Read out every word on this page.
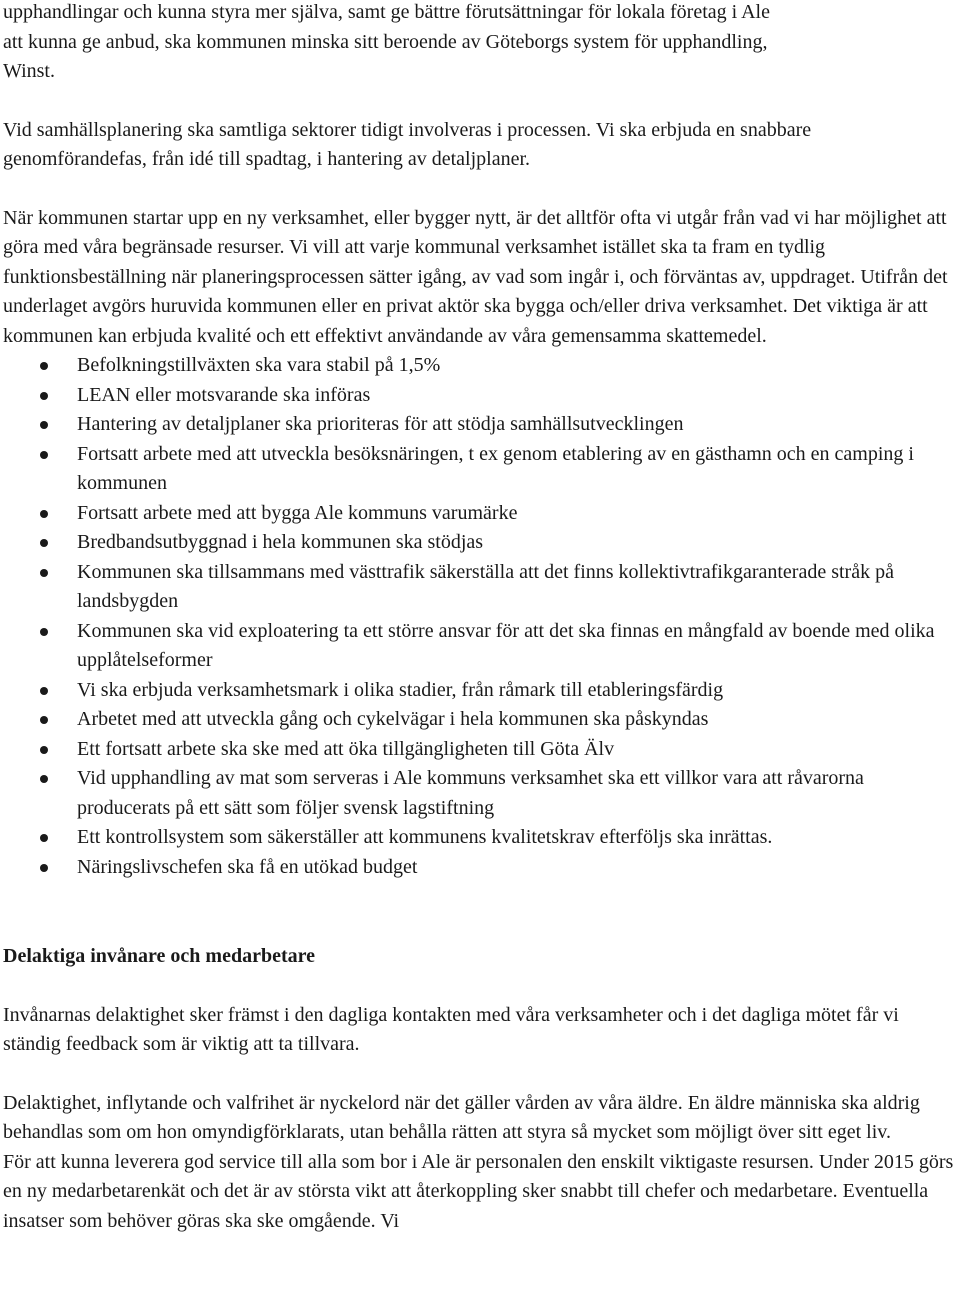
upphandlingar och kunna styra mer själva, samt ge bättre förutsättningar för lokala företag i Ale

att kunna ge anbud, ska kommunen minska sitt beroende av Göteborgs system för upphandling,

Winst.

Vid samhällsplanering ska samtliga sektorer tidigt involveras i processen. Vi ska erbjuda en snabbare genomförandefas, från idé till spadtag, i hantering av detaljplaner.

När kommunen startar upp en ny verksamhet, eller bygger nytt, är det alltför ofta vi utgår från vad vi har möjlighet att göra med våra begränsade resurser. Vi vill att varje kommunal verksamhet istället ska ta fram en tydlig funktionsbeställning när planeringsprocessen sätter igång, av vad som ingår i, och förväntas av, uppdraget. Utifrån det underlaget avgörs huruvida kommunen eller en privat aktör ska bygga och/eller driva verksamhet. Det viktiga är att kommunen kan erbjuda kvalité och ett effektivt användande av våra gemensamma skattemedel.

Befolkningstillväxten ska vara stabil på 1,5%
LEAN eller motsvarande ska införas
Hantering av detaljplaner ska prioriteras för att stödja samhällsutvecklingen
Fortsatt arbete med att utveckla besöksnäringen, t ex genom etablering av en gästhamn och en camping i kommunen
Fortsatt arbete med att bygga Ale kommuns varumärke
Bredbandsutbyggnad i hela kommunen ska stödjas
Kommunen ska tillsammans med västtrafik säkerställa att det finns kollektivtrafikgaranterade stråk på landsbygden
Kommunen ska vid exploatering ta ett större ansvar för att det ska finnas en mångfald av boende med olika upplåtelseformer
Vi ska erbjuda verksamhetsmark i olika stadier, från råmark till etableringsfärdig
Arbetet med att utveckla gång och cykelvägar i hela kommunen ska påskyndas
Ett fortsatt arbete ska ske med att öka tillgängligheten till Göta Älv
Vid upphandling av mat som serveras i Ale kommuns verksamhet ska ett villkor vara att råvarorna producerats på ett sätt som följer svensk lagstiftning
Ett kontrollsystem som säkerställer att kommunens kvalitetskrav efterföljs ska inrättas.
Näringslivschefen ska få en utökad budget
Delaktiga invånare och medarbetare

Invånarnas delaktighet sker främst i den dagliga kontakten med våra verksamheter och i det dagliga mötet får vi ständig feedback som är viktig att ta tillvara.

Delaktighet, inflytande och valfrihet är nyckelord när det gäller vården av våra äldre. En äldre människa ska aldrig behandlas som om hon omyndigförklarats, utan behålla rätten att styra så mycket som möjligt över sitt eget liv.

För att kunna leverera god service till alla som bor i Ale är personalen den enskilt viktigaste resursen. Under 2015 görs en ny medarbetarenkät och det är av största vikt att återkoppling sker snabbt till chefer och medarbetare. Eventuella insatser som behöver göras ska ske omgående. Vi
